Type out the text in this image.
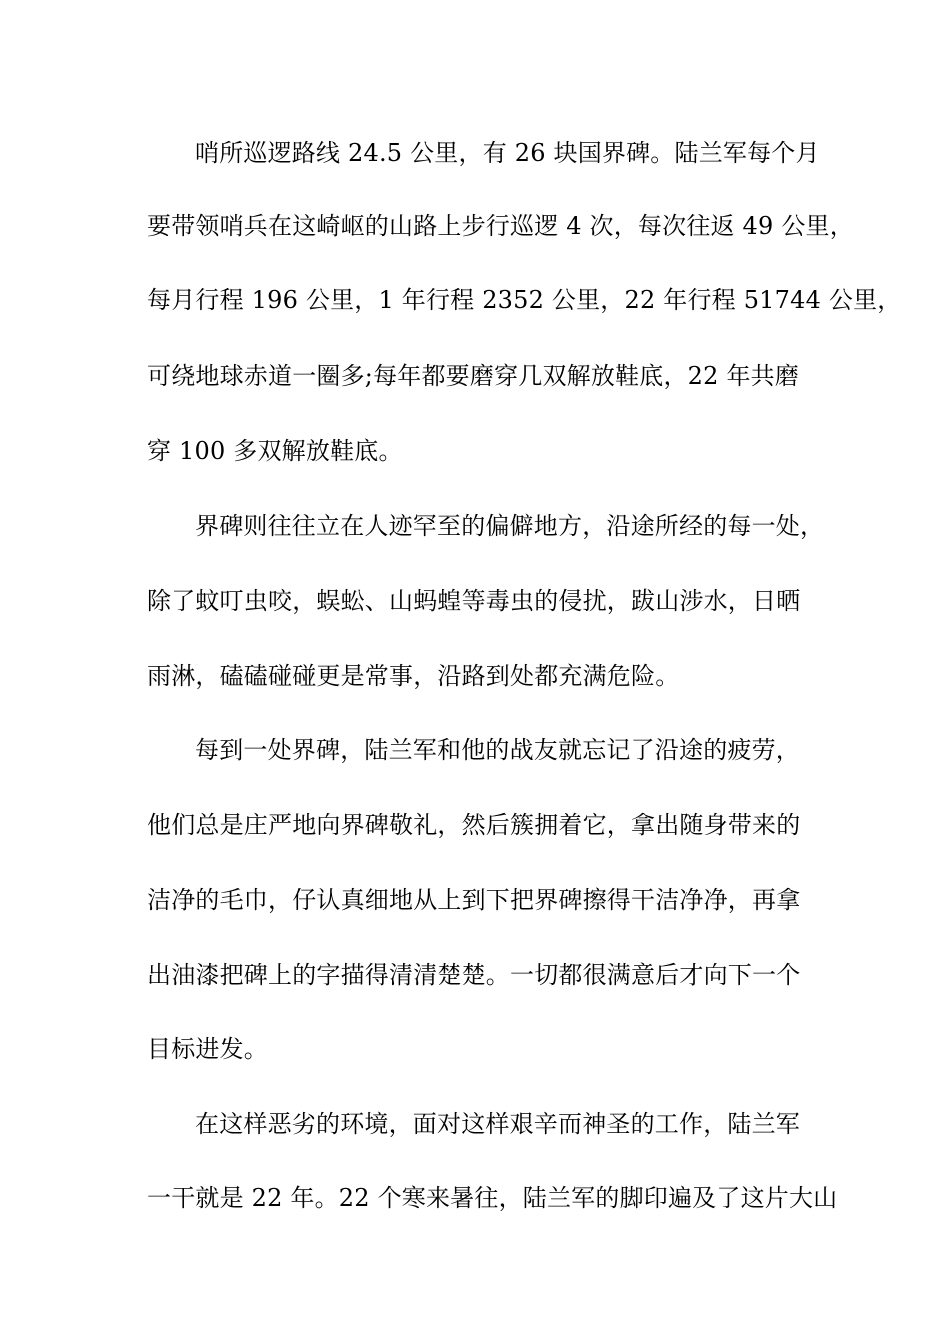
哨所巡逻路线 24.5 公里，有 26 块国界碑。陆兰军每个月
要带领哨兵在这崎岖的山路上步行巡逻 4 次，每次往返 49 公里，
每月行程 196 公里，1 年行程 2352 公里，22 年行程 51744 公里，
可绕地球赤道一圈多;每年都要磨穿几双解放鞋底，22 年共磨
穿 100 多双解放鞋底。
界碑则往往立在人迹罕至的偏僻地方，沿途所经的每一处，
除了蚊叮虫咬，蜈蚣、山蚂蝗等毒虫的侵扰，跋山涉水，日晒
雨淋，磕磕碰碰更是常事，沿路到处都充满危险。
每到一处界碑，陆兰军和他的战友就忘记了沿途的疲劳，
他们总是庄严地向界碑敬礼，然后簇拥着它，拿出随身带来的
洁净的毛巾，仔认真细地从上到下把界碑擦得干洁净净，再拿
出油漆把碑上的字描得清清楚楚。一切都很满意后才向下一个
目标进发。
在这样恶劣的环境，面对这样艰辛而神圣的工作，陆兰军
一干就是 22 年。22 个寒来暑往，陆兰军的脚印遍及了这片大山
